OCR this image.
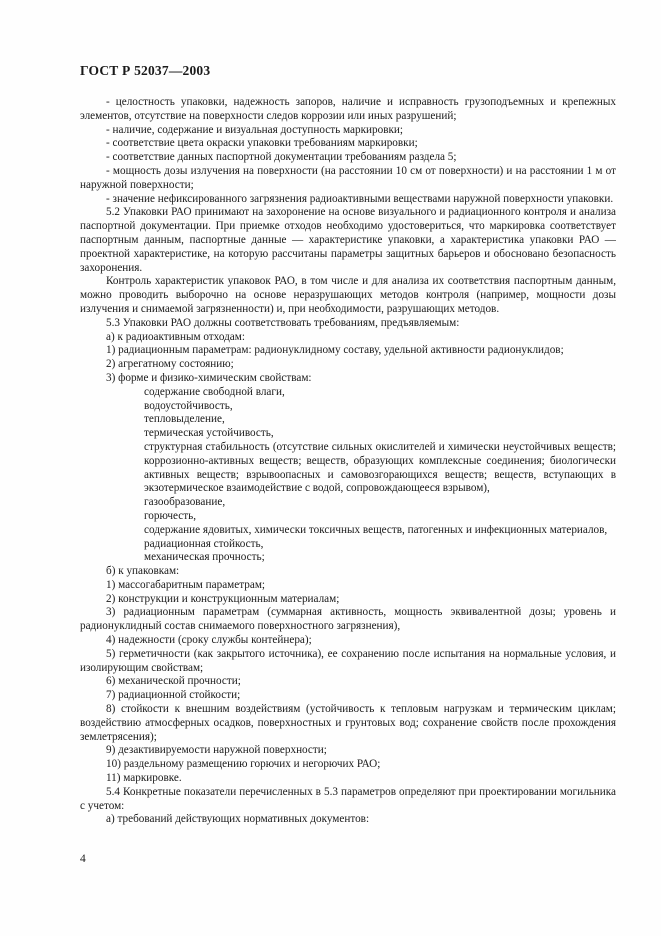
ГОСТ Р 52037—2003

- целостность упаковки, надежность запоров, наличие и исправность грузоподъемных и крепежных элементов, отсутствие на поверхности следов коррозии или иных разрушений;

- наличие, содержание и визуальная доступность маркировки;

- соответствие цвета окраски упаковки требованиям маркировки;

- соответствие данных паспортной документации требованиям раздела 5;

- мощность дозы излучения на поверхности (на расстоянии 10 см от поверхности) и на расстоянии 1 м от наружной поверхности;

- значение нефиксированного загрязнения радиоактивными веществами наружной поверхности упаковки.

5.2 Упаковки РАО принимают на захоронение на основе визуального и радиационного контроля и анализа паспортной документации. При приемке отходов необходимо удостовериться, что маркировка соответствует паспортным данным, паспортные данные — характеристике упаковки, а характеристика упаковки РАО — проектной характеристике, на которую рассчитаны параметры защитных барьеров и обосновано безопасность захоронения.

Контроль характеристик упаковок РАО, в том числе и для анализа их соответствия паспортным данным, можно проводить выборочно на основе неразрушающих методов контроля (например, мощности дозы излучения и снимаемой загрязненности) и, при необходимости, разрушающих методов.

5.3 Упаковки РАО должны соответствовать требованиям, предъявляемым:

а) к радиоактивным отходам:

1) радиационным параметрам: радионуклидному составу, удельной активности радионуклидов;

2) агрегатному состоянию;

3) форме и физико-химическим свойствам:

содержание свободной влаги,

водоустойчивость,

тепловыделение,

термическая устойчивость,

структурная стабильность (отсутствие сильных окислителей и химически неустойчивых веществ; коррозионно-активных веществ; веществ, образующих комплексные соединения; биологически активных веществ; взрывоопасных и самовозгорающихся веществ; веществ, вступающих в экзотермическое взаимодействие с водой, сопровождающееся взрывом),

газообразование,

горючесть,

содержание ядовитых, химически токсичных веществ, патогенных и инфекционных материалов,

радиационная стойкость,

механическая прочность;

б) к упаковкам:

1) массогабаритным параметрам;

2) конструкции и конструкционным материалам;

3) радиационным параметрам (суммарная активность, мощность эквивалентной дозы; уровень и радионуклидный состав снимаемого поверхностного загрязнения),

4) надежности (сроку службы контейнера);

5) герметичности (как закрытого источника), ее сохранению после испытания на нормальные условия, и изолирующим свойствам;

6) механической прочности;

7) радиационной стойкости;

8) стойкости к внешним воздействиям (устойчивость к тепловым нагрузкам и термическим циклам; воздействию атмосферных осадков, поверхностных и грунтовых вод; сохранение свойств после прохождения землетрясения);

9) дезактивируемости наружной поверхности;

10) раздельному размещению горючих и негорючих РАО;

11) маркировке.

5.4 Конкретные показатели перечисленных в 5.3 параметров определяют при проектировании могильника с учетом:

а) требований действующих нормативных документов:

4
